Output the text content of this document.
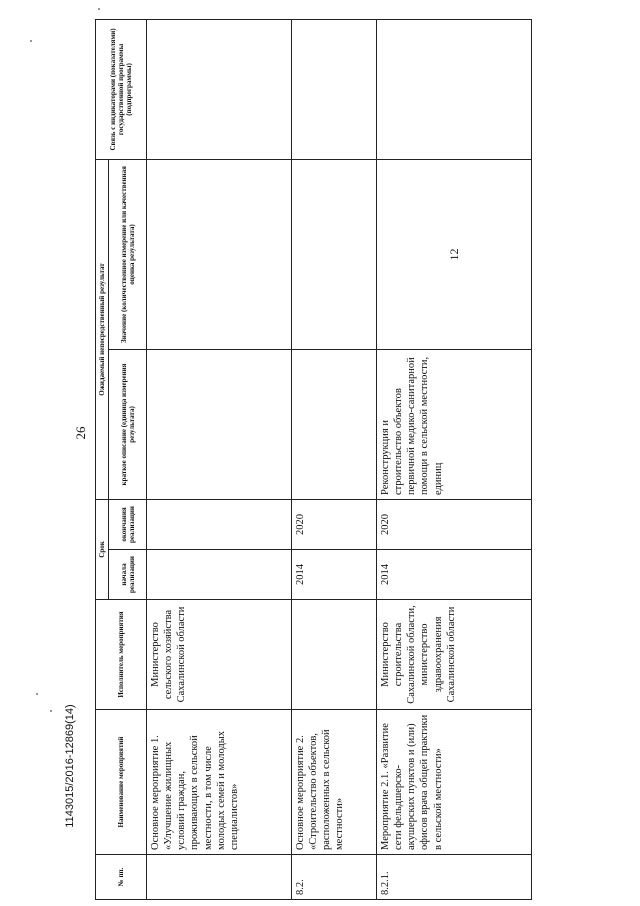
26
1143015/2016-12869(14)
№ пп.	Наименование мероприятий	Исполнитель мероприятия	Срок		Ожидаемый непосредственный результат		Связь с индикаторами (показателями) государственной программы (подпрограммы)
			начала реализации	окончания реализации	краткое описание (единица измерения результата)	Значение (количественное измерение или качественная оценка результата)	
	Основное мероприятие 1. «Улучшение жилищных условий граждан, проживающих в сельской местности, в том числе молодых семей и молодых специалистов»	Министерство сельского хозяйства Сахалинской области					
8.2.	Основное мероприятие 2. «Строительство объектов, расположенных в сельской местности»		2014	2020			
8.2.1.	Мероприятие 2.1. «Развитие сети фельдшерско-акушерских пунктов и (или) офисов врача общей практики в сельской местности»	Министерство строительства Сахалинской области, министерство здравоохранения Сахалинской области	2014	2020	Реконструкция и строительство объектов первичной медико-санитарной помощи в сельской местности, единиц	12	
